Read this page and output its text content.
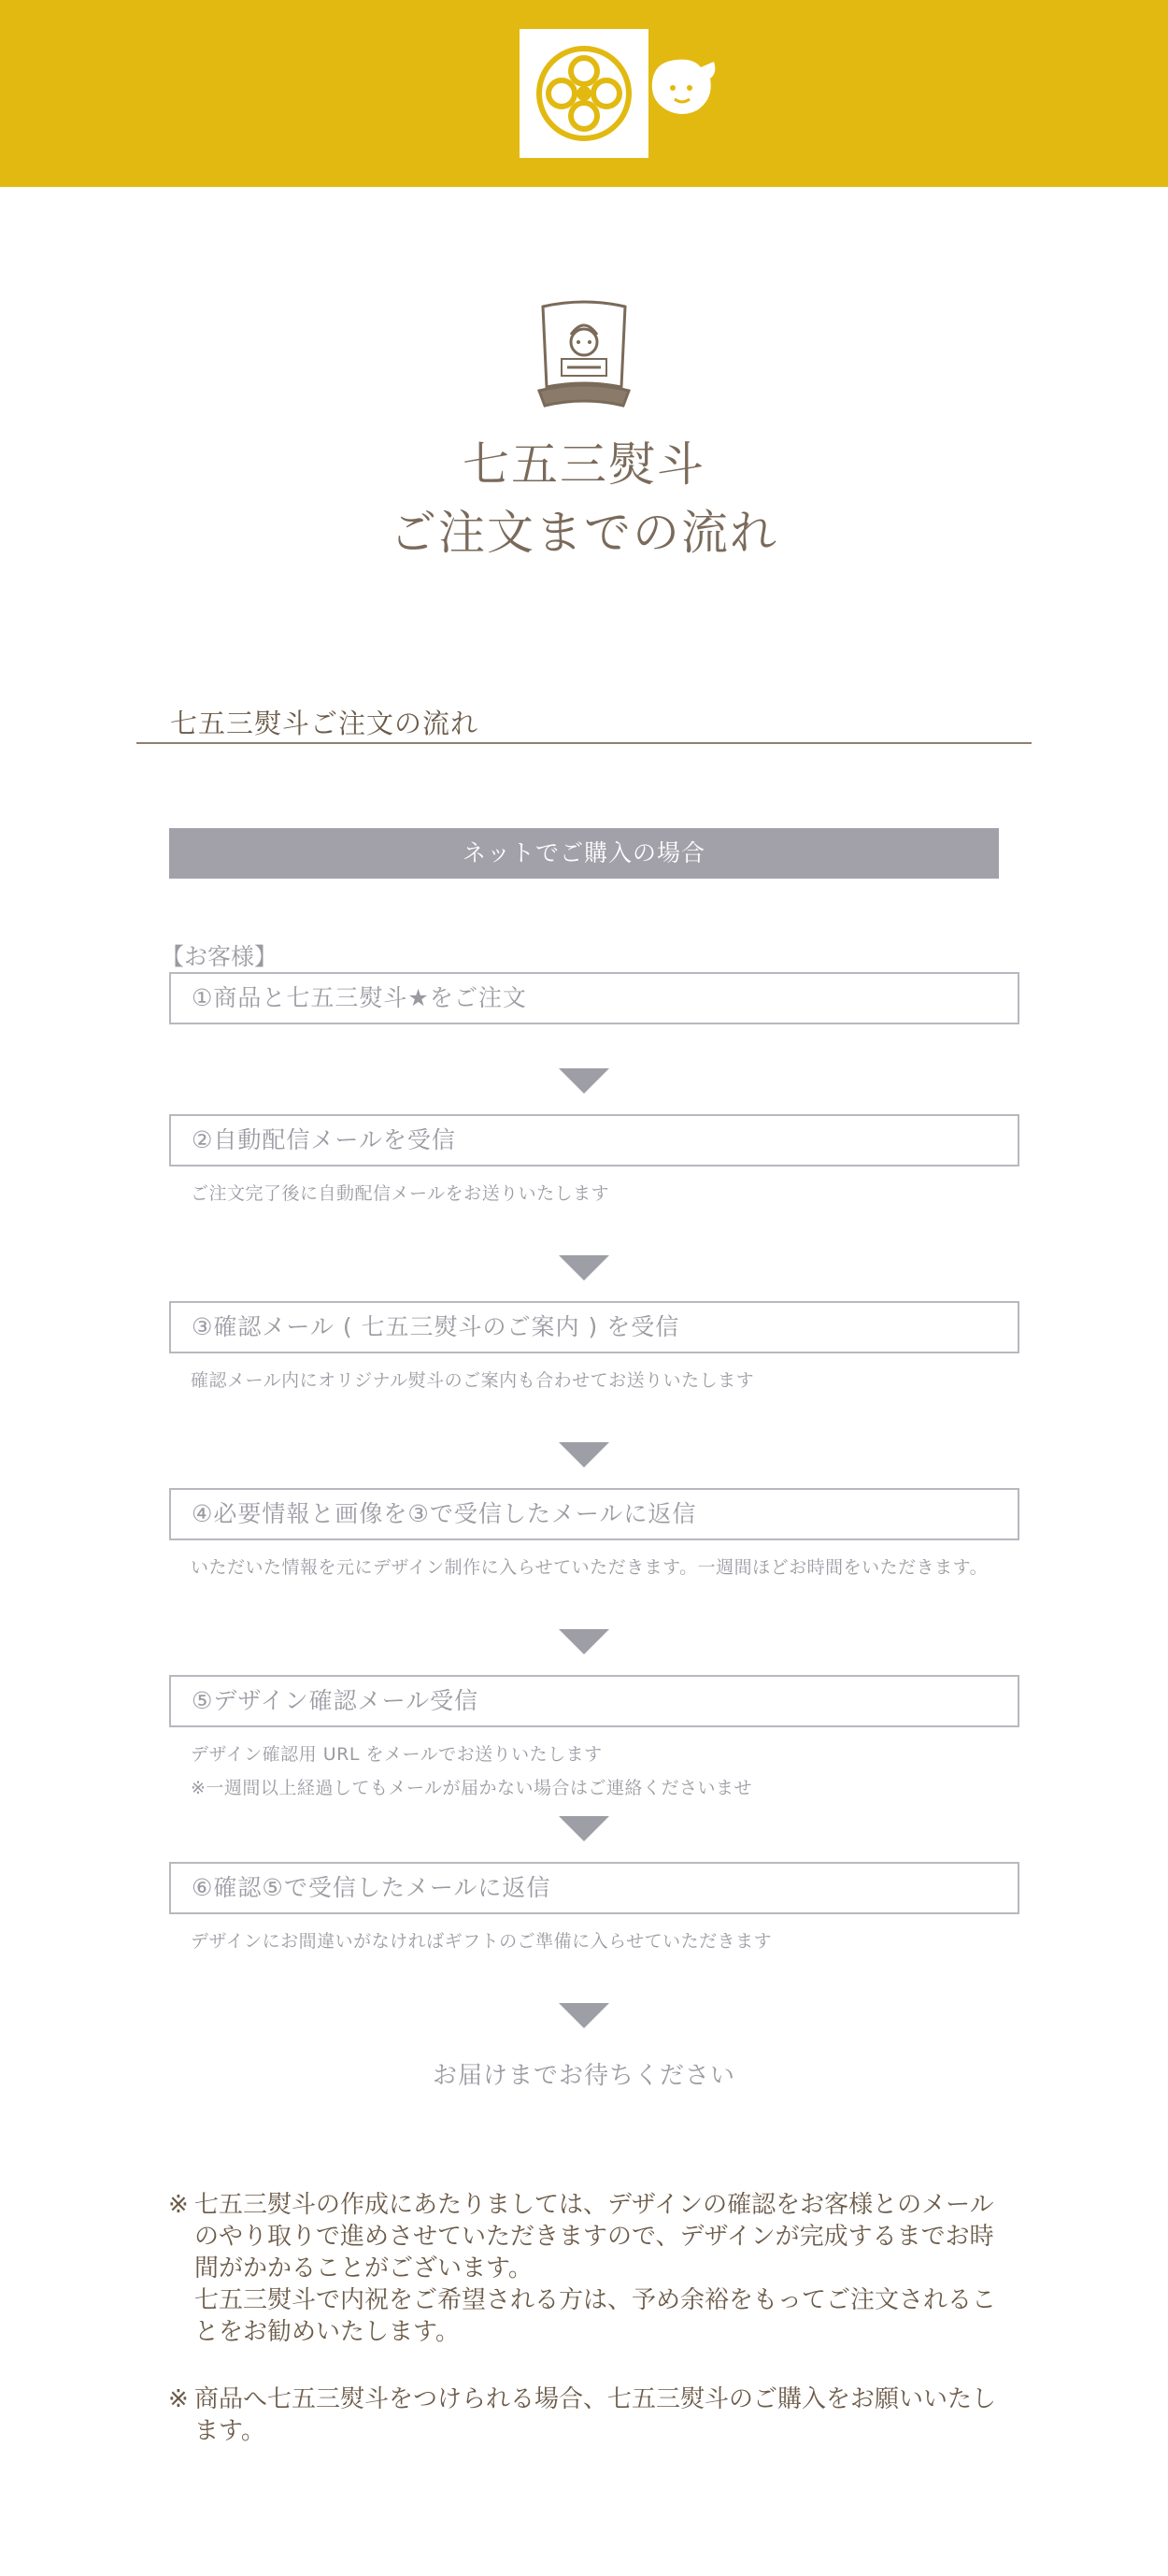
七五三熨斗
ご注文までの流れ
七五三熨斗ご注文の流れ
ネットでご購入の場合
【お客様】
①商品と七五三熨斗★をご注文
②自動配信メールを受信
ご注文完了後に自動配信メールをお送りいたします
③確認メール ( 七五三熨斗のご案内 ) を受信
確認メール内にオリジナル熨斗のご案内も合わせてお送りいたします
④必要情報と画像を③で受信したメールに返信
いただいた情報を元にデザイン制作に入らせていただきます。一週間ほどお時間をいただきます。
⑤デザイン確認メール受信
デザイン確認用 URL をメールでお送りいたします
※一週間以上経過してもメールが届かない場合はご連絡くださいませ
⑥確認⑤で受信したメールに返信
デザインにお間違いがなければギフトのご準備に入らせていただきます
お届けまでお待ちください
※ 七五三熨斗の作成にあたりましては、デザインの確認をお客様とのメール

のやり取りで進めさせていただきますので、デザインが完成するまでお時

間がかかることがございます。

七五三熨斗で内祝をご希望される方は、予め余裕をもってご注文されるこ

とをお勧めいたします。

※ 商品へ七五三熨斗をつけられる場合、七五三熨斗のご購入をお願いいたし

ます。
